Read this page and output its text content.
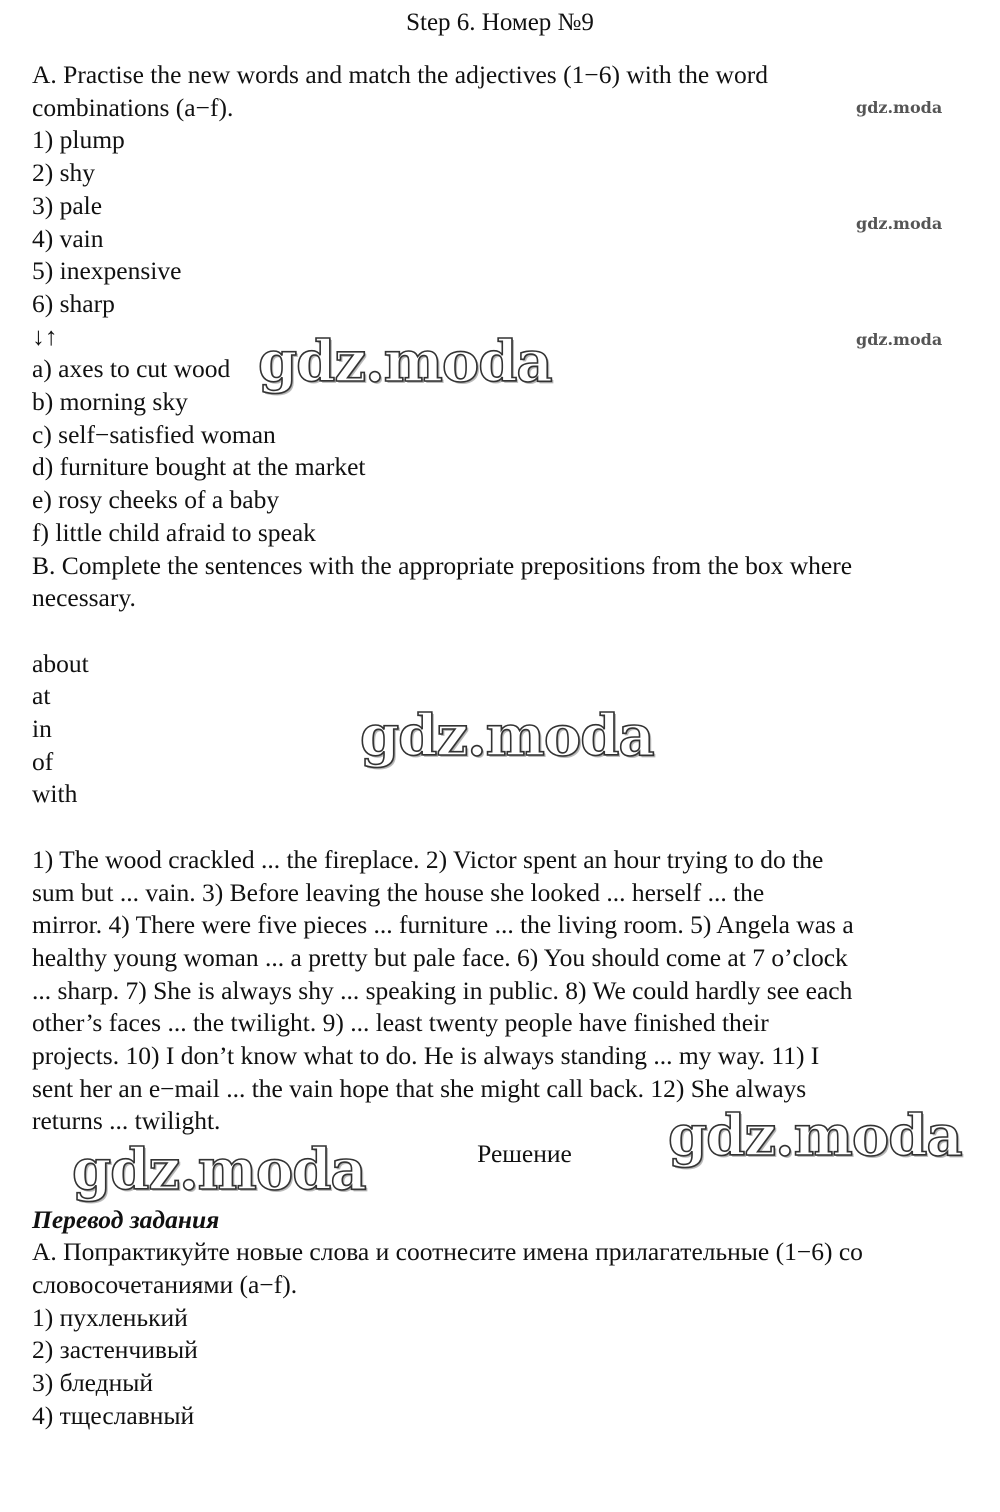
Step 6. Номер №9

A. Practise the new words and match the adjectives (1−6) with the word

combinations (a−f).

1) plump

2) shy

3) pale

4) vain

5) inexpensive

6) sharp

↓↑

a) axes to cut wood

b) morning sky

c) self−satisfied woman

d) furniture bought at the market

e) rosy cheeks of a baby

f) little child afraid to speak

B. Complete the sentences with the appropriate prepositions from the box where

necessary.

about

at

in

of

with

1) The wood crackled ... the fireplace. 2) Victor spent an hour trying to do the

sum but ... vain. 3) Before leaving the house she looked ... herself ... the

mirror. 4) There were five pieces ... furniture ... the living room. 5) Angela was a

healthy young woman ... a pretty but pale face. 6) You should come at 7 o’clock

... sharp. 7) She is always shy ... speaking in public. 8) We could hardly see each

other’s faces ... the twilight. 9) ... least twenty people have finished their

projects. 10) I don’t know what to do. He is always standing ... my way. 11) I

sent her an e−mail ... the vain hope that she might call back. 12) She always

returns ... twilight.

Решение

Перевод задания

A. Попрактикуйте новые слова и соотнесите имена прилагательные (1−6) со

словосочетаниями (a−f).

1) пухленький

2) застенчивый

3) бледный

4) тщеславный

gdz.moda
gdz.moda
gdz.moda
gdz.moda
gdz.moda
gdz.moda
gdz.moda
